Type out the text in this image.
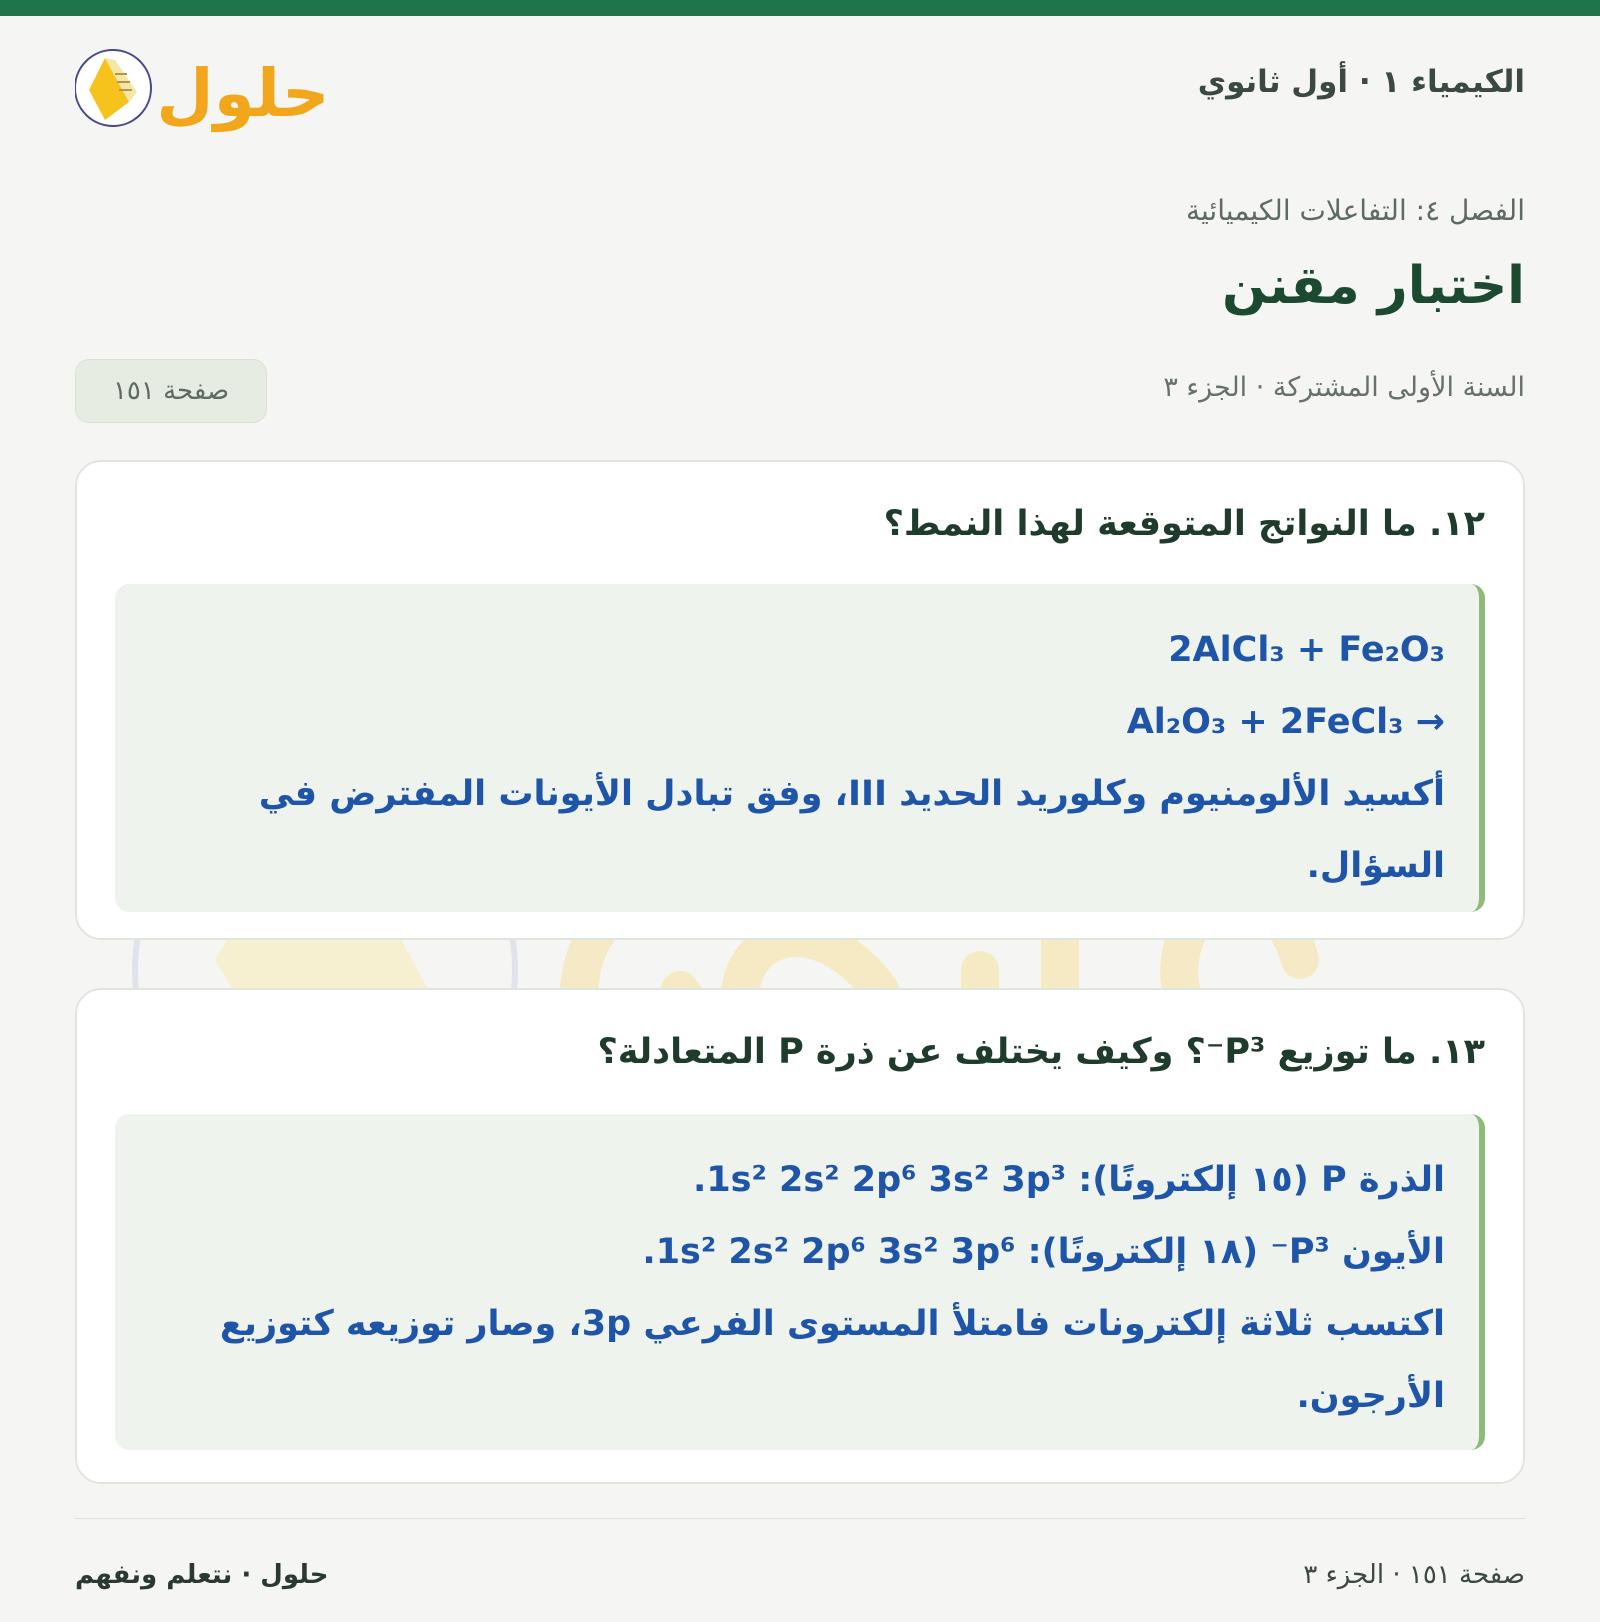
الكيمياء ١ · أول ثانوي
حلول
الفصل ٤: التفاعلات الكيميائية
اختبار مقنن
السنة الأولى المشتركة · الجزء ٣
صفحة ١٥١
١٢. ما النواتج المتوقعة لهذا النمط؟
2AlCl₃ + Fe₂O₃
→ Al₂O₃ + 2FeCl₃
أكسيد الألومنيوم وكلوريد الحديد III، وفق تبادل الأيونات المفترض في السؤال.
١٣. ما توزيع P³⁻؟ وكيف يختلف عن ذرة P المتعادلة؟
الذرة P (١٥ إلكترونًا): 1s² 2s² 2p⁶ 3s² 3p³.
الأيون P³⁻ (١٨ إلكترونًا): 1s² 2s² 2p⁶ 3s² 3p⁶.
اكتسب ثلاثة إلكترونات فامتلأ المستوى الفرعي 3p، وصار توزيعه كتوزيع الأرجون.
حلول · نتعلم ونفهم	صفحة ١٥١ · الجزء ٣
